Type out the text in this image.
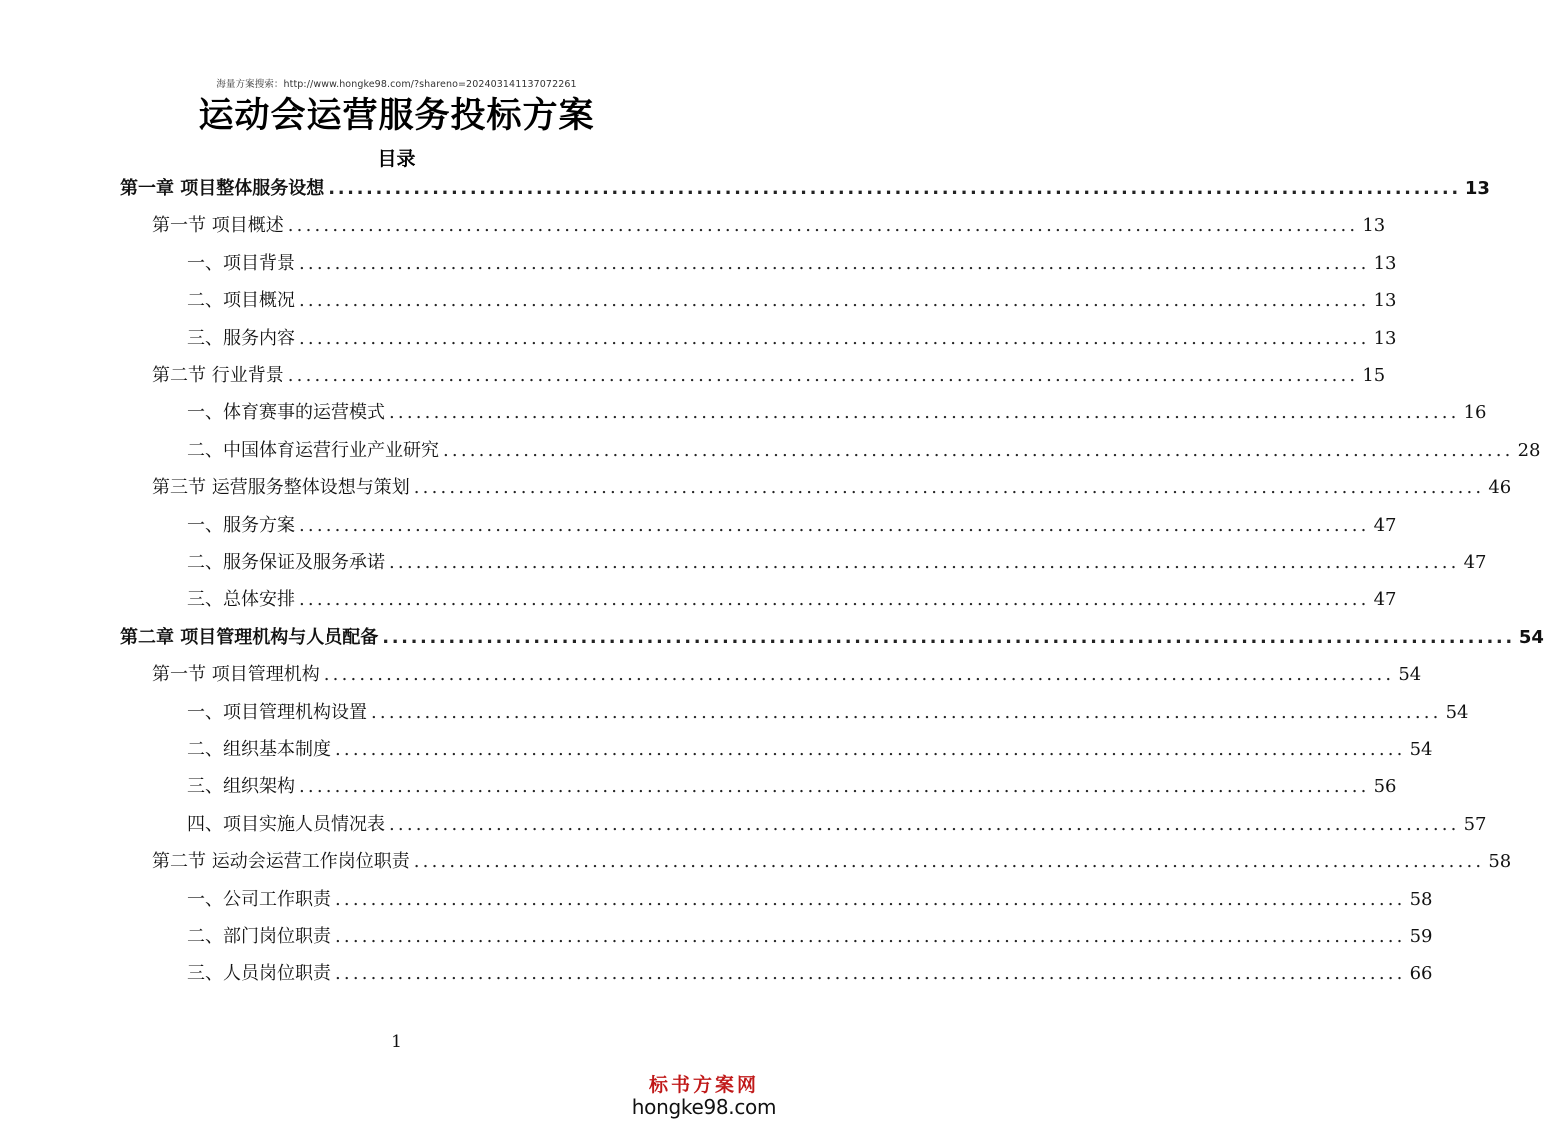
海量方案搜索：http://www.hongke98.com/?shareno=20240314113707226​1
运动会运营服务投标方案
目录
第一章 项目整体服务设想 ........................................................................................................................ 13
第一节 项目概述 ........................................................................................................................ 13
一、项目背景 ........................................................................................................................ 13
二、项目概况 ........................................................................................................................ 13
三、服务内容 ........................................................................................................................ 13
第二节 行业背景 ........................................................................................................................ 15
一、体育赛事的运营模式 ........................................................................................................................ 16
二、中国体育运营行业产业研究 ........................................................................................................................ 28
第三节 运营服务整体设想与策划 ........................................................................................................................ 46
一、服务方案 ........................................................................................................................ 47
二、服务保证及服务承诺 ........................................................................................................................ 47
三、总体安排 ........................................................................................................................ 47
第二章 项目管理机构与人员配备 ........................................................................................................................ 54
第一节 项目管理机构 ........................................................................................................................ 54
一、项目管理机构设置 ........................................................................................................................ 54
二、组织基本制度 ........................................................................................................................ 54
三、组织架构 ........................................................................................................................ 56
四、项目实施人员情况表 ........................................................................................................................ 57
第二节 运动会运营工作岗位职责 ........................................................................................................................ 58
一、公司工作职责 ........................................................................................................................ 58
二、部门岗位职责 ........................................................................................................................ 59
三、人员岗位职责 ........................................................................................................................ 66
1
标书方案网
hongke98.com
